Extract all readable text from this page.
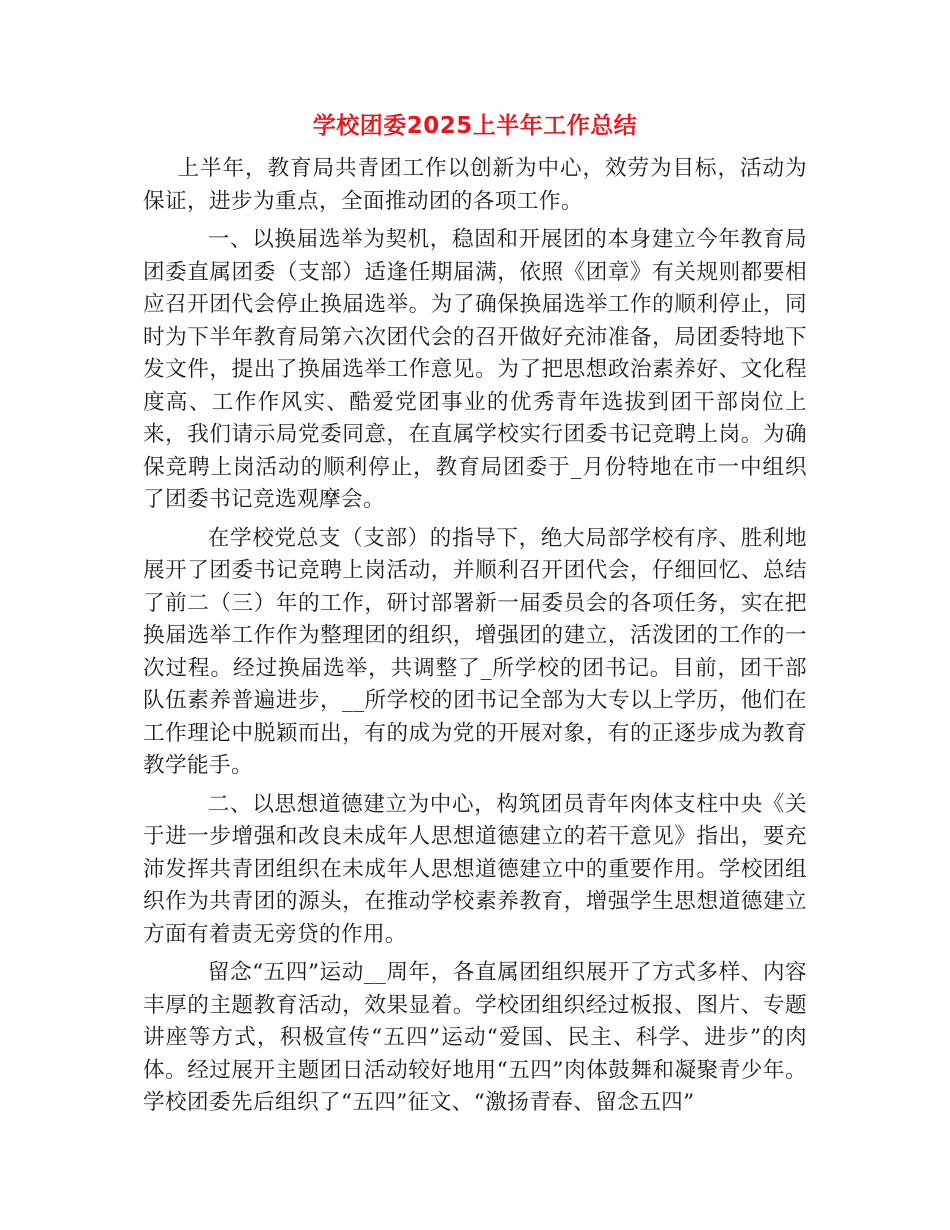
学校团委2025上半年工作总结

上半年，教育局共青团工作以创新为中心，效劳为目标，活动为保证，进步为重点，全面推动团的各项工作。

一、以换届选举为契机，稳固和开展团的本身建立今年教育局团委直属团委（支部）适逢任期届满，依照《团章》有关规则都要相应召开团代会停止换届选举。为了确保换届选举工作的顺利停止，同时为下半年教育局第六次团代会的召开做好充沛准备，局团委特地下发文件，提出了换届选举工作意见。为了把思想政治素养好、文化程度高、工作作风实、酷爱党团事业的优秀青年选拔到团干部岗位上来，我们请示局党委同意，在直属学校实行团委书记竞聘上岗。为确保竞聘上岗活动的顺利停止，教育局团委于_月份特地在市一中组织了团委书记竞选观摩会。

在学校党总支（支部）的指导下，绝大局部学校有序、胜利地展开了团委书记竞聘上岗活动，并顺利召开团代会，仔细回忆、总结了前二（三）年的工作，研讨部署新一届委员会的各项任务，实在把换届选举工作作为整理团的组织，增强团的建立，活泼团的工作的一次过程。经过换届选举，共调整了_所学校的团书记。目前，团干部队伍素养普遍进步，__所学校的团书记全部为大专以上学历，他们在工作理论中脱颖而出，有的成为党的开展对象，有的正逐步成为教育教学能手。

二、以思想道德建立为中心，构筑团员青年肉体支柱中央《关于进一步增强和改良未成年人思想道德建立的若干意见》指出，要充沛发挥共青团组织在未成年人思想道德建立中的重要作用。学校团组织作为共青团的源头，在推动学校素养教育，增强学生思想道德建立方面有着责无旁贷的作用。

留念“五四”运动__周年，各直属团组织展开了方式多样、内容丰厚的主题教育活动，效果显着。学校团组织经过板报、图片、专题讲座等方式，积极宣传“五四”运动“爱国、民主、科学、进步”的肉体。经过展开主题团日活动较好地用“五四”肉体鼓舞和凝聚青少年。学校团委先后组织了“五四”征文、“激扬青春、留念五四”
